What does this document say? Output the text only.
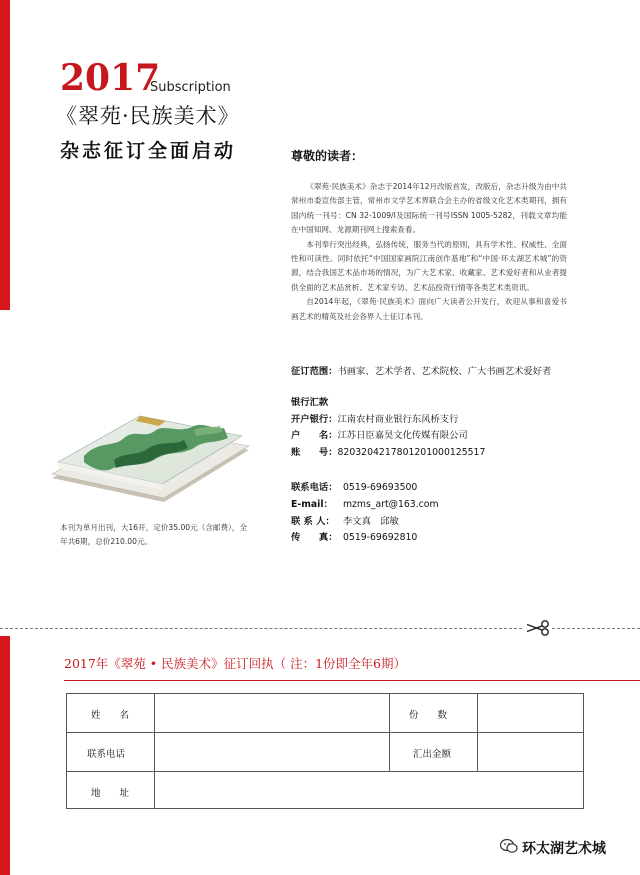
2017
Subscription
《翠苑·民族美术》
杂志征订全面启动	尊敬的读者：

《翠苑·民族美术》杂志于2014年12月改版首发，改版后，杂志升级为由中共常州市委宣传部主管，常州市文学艺术界联合会主办的省级文化艺术类期刊，拥有国内统一刊号：CN 32-1009/I及国际统一刊号ISSN 1005-5282，刊载文章均能在中国知网、龙源期刊网上搜索查看。

本刊奉行突出经典，弘扬传统，服务当代的原则，具有学术性、权威性、全面性和可读性。同时依托“中国国家画院江南创作基地”和“中国·环太湖艺术城”的资源，结合我国艺术品市场的情况，为广大艺术家、收藏家、艺术爱好者和从业者提供全面的艺术品赏析、艺术家专访、艺术品投资行情等各类艺术类资讯。

自2014年起，《翠苑·民族美术》面向广大读者公开发行，欢迎从事和喜爱书画艺术的精英及社会各界人士征订本刊。

征订范围：书画家、艺术学者、艺术院校、广大书画艺术爱好者
银行汇款
开户银行：江南农村商业银行东风桥支行
户　　名：江苏日臣嘉昊文化传媒有限公司
账　　号：820320421780120100012551​7
联系电话： 0519-69693500
E-mail： mzms_art@163.com
联 系 人： 李文真　邱敏
传　　真： 0519-69692810
本刊为单月出刊，大16开，定价35.00元（含邮费），全年共6期，总价210.00元。
2017年《翠苑 • 民族美术》征订回执（ 注：1份即全年6期）
姓　　名	份　　数
联系电话	汇出金额
地　　址
环太湖艺术城
